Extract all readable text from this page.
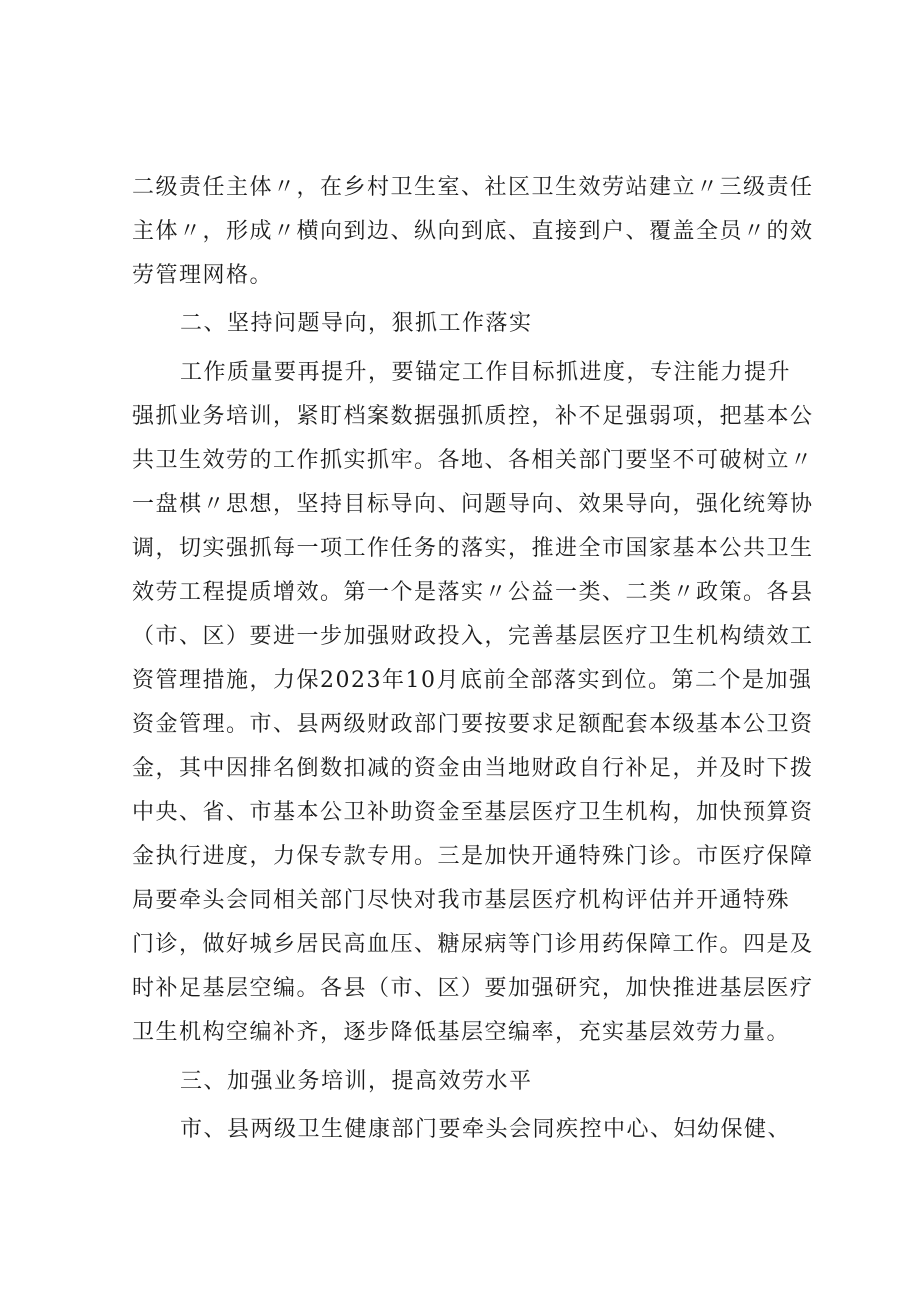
二级责任主体〃，在乡村卫生室、社区卫生效劳站建立〃三级责任
主体〃，形成〃横向到边、纵向到底、直接到户、覆盖全员〃的效
劳管理网格。
二、坚持问题导向，狠抓工作落实
工作质量要再提升，要锚定工作目标抓进度，专注能力提升
强抓业务培训，紧盯档案数据强抓质控，补不足强弱项，把基本公
共卫生效劳的工作抓实抓牢。各地、各相关部门要坚不可破树立〃
一盘棋〃思想，坚持目标导向、问题导向、效果导向，强化统筹协
调，切实强抓每一项工作任务的落实，推进全市国家基本公共卫生
效劳工程提质增效。第一个是落实〃公益一类、二类〃政策。各县
（市、区）要进一步加强财政投入，完善基层医疗卫生机构绩效工
资管理措施，力保2023年10月底前全部落实到位。第二个是加强
资金管理。市、县两级财政部门要按要求足额配套本级基本公卫资
金，其中因排名倒数扣减的资金由当地财政自行补足，并及时下拨
中央、省、市基本公卫补助资金至基层医疗卫生机构，加快预算资
金执行进度，力保专款专用。三是加快开通特殊门诊。市医疗保障
局要牵头会同相关部门尽快对我市基层医疗机构评估并开通特殊
门诊，做好城乡居民高血压、糖尿病等门诊用药保障工作。四是及
时补足基层空编。各县（市、区）要加强研究，加快推进基层医疗
卫生机构空编补齐，逐步降低基层空编率，充实基层效劳力量。
三、加强业务培训，提高效劳水平
市、县两级卫生健康部门要牵头会同疾控中心、妇幼保健、
